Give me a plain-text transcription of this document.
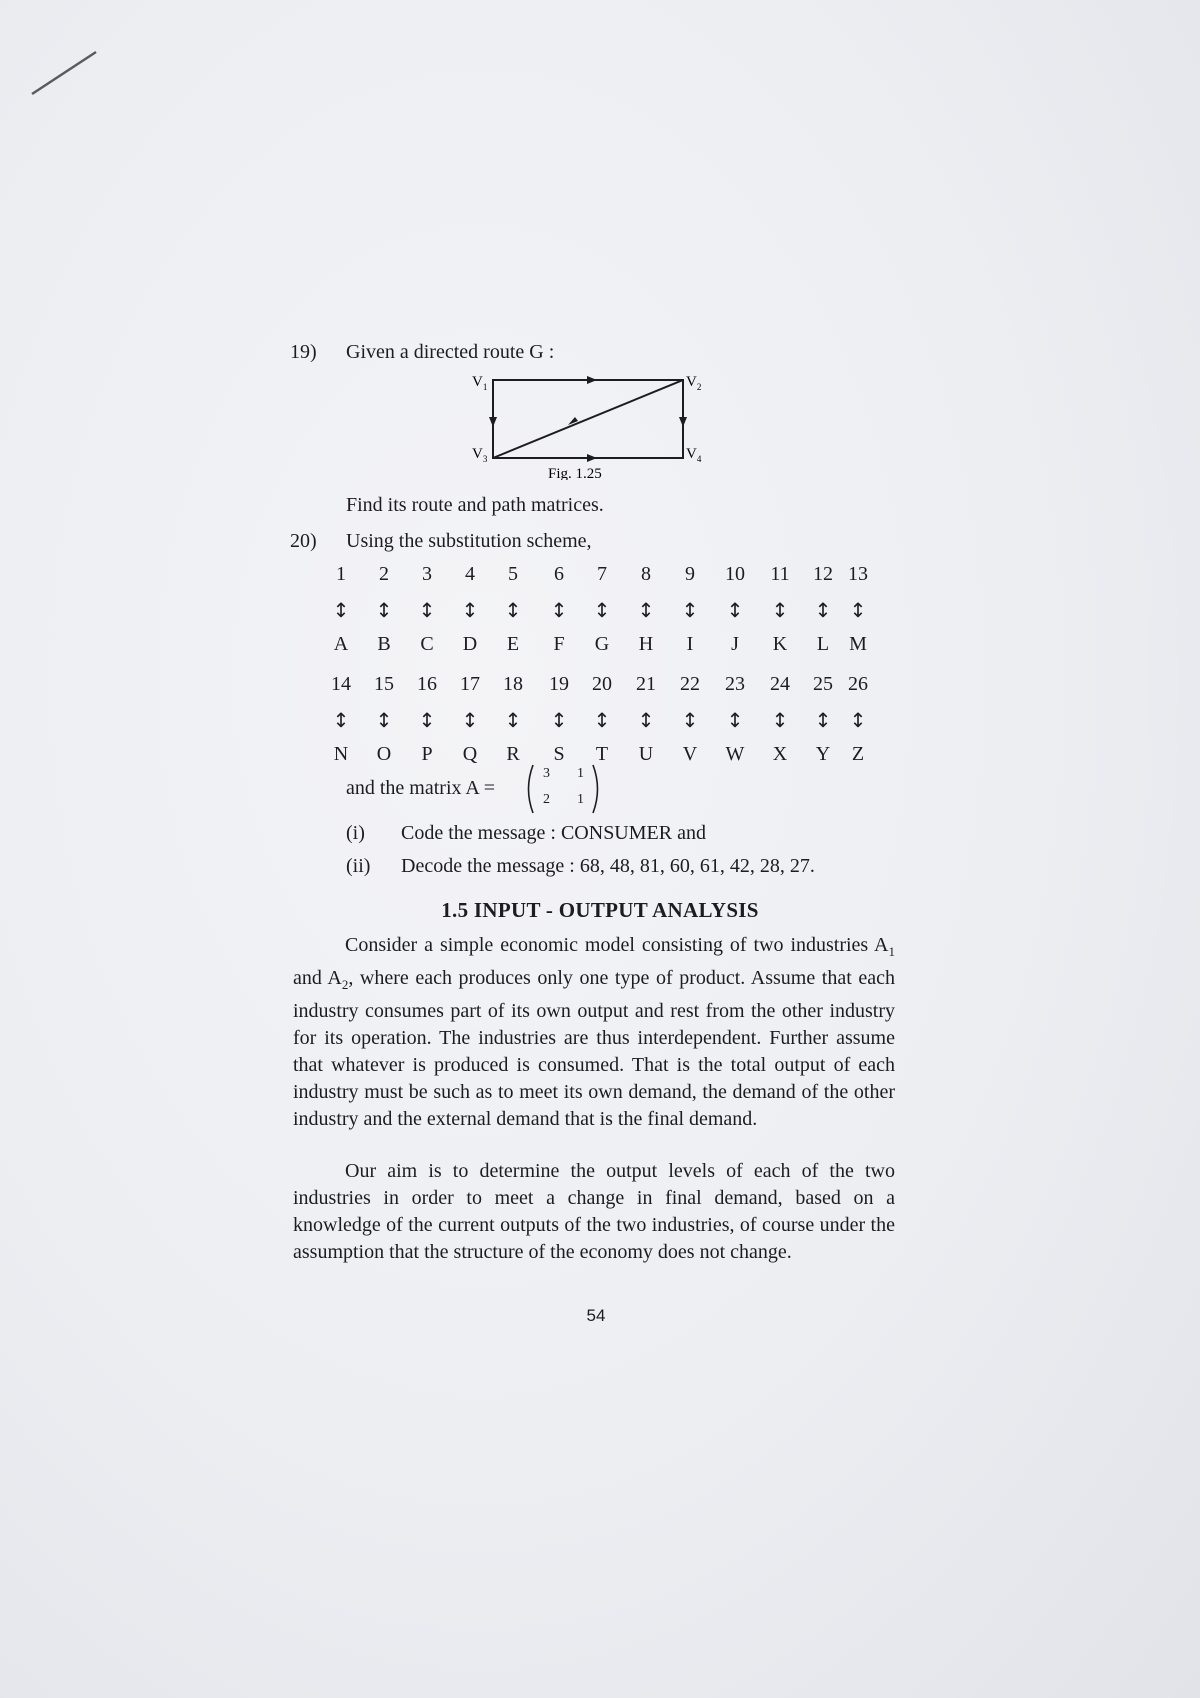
19) Given a directed route G :
$V_1$	$V_2$
$V_3$	$V_4$
Fig. 1.25
Find its route and path matrices.
20) Using the substitution scheme,
1	2	3	4	5	6	7	8	9	10	11	12 13
↕	↕	↕	↕	↕	↕	↕	↕	↕	↕	↕	↕ ↕
A	B	C	D	E	F	G	H	I	J	K	L M
14	15	16	17	18	19	20	21	22	23	24	25 26
↕	↕	↕	↕	↕	↕	↕	↕	↕	↕	↕	↕ ↕
N	O	P	Q	R	S	T	U	V	W	X	Y	Z
and the matrix A =
3 1
2 1
(i) Code the message : CONSUMER and
(ii) Decode the message : 68, 48, 81, 60, 61, 42, 28, 27.
1.5 INPUT - OUTPUT ANALYSIS
Consider a simple economic model consisting of two industries $A_1$ and $A_2$, where each produces only one type of product. Assume that each industry consumes part of its own output and rest from the other industry for its operation. The industries are thus interdependent. Further assume that whatever is produced is consumed. That is the total output of each industry must be such as to meet its own demand, the demand of the other industry and the external demand that is the final demand.
Our aim is to determine the output levels of each of the two industries in order to meet a change in final demand, based on a knowledge of the current outputs of the two industries, of course under the assumption that the structure of the economy does not change.
54
